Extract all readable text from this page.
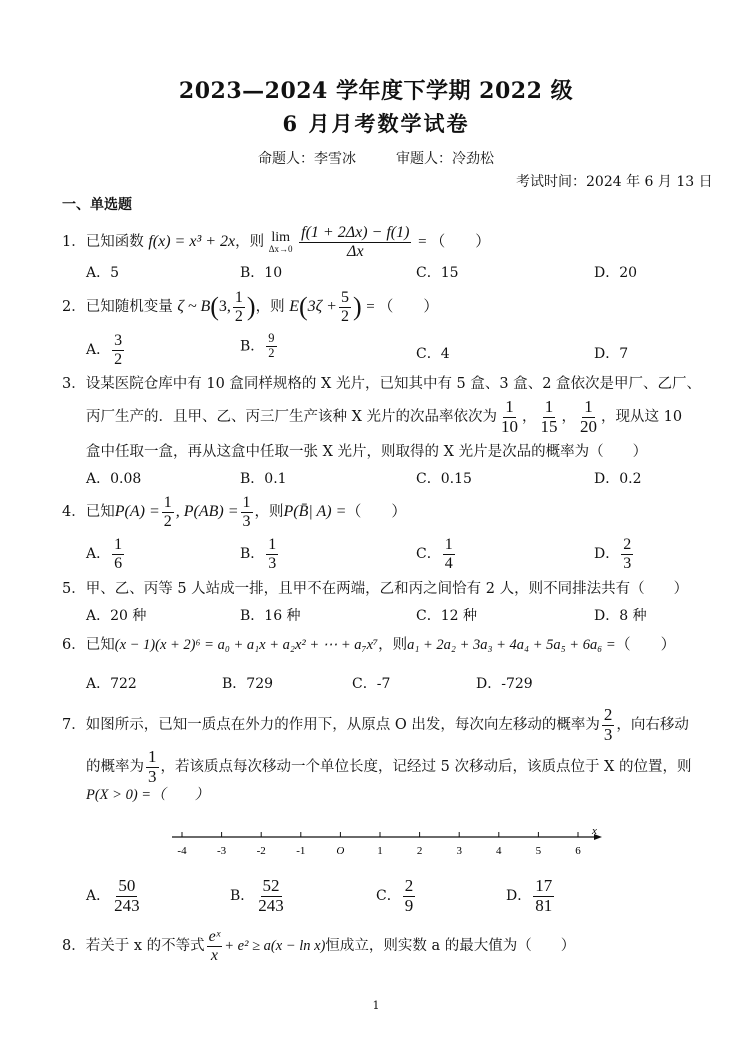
2023—2024 学年度下学期 2022 级
6 月月考数学试卷
命题人：李雪冰	审题人：冷劲松
考试时间：2024 年 6 月 13 日
一、单选题
1．已知函数 f(x) = x³ + 2x，则 lim
Δx→0
$\frac{f(1 + 2\Delta x) - f(1)}{\Delta x}$ = （　　）
A．5	B．10	C．15	D．20
2．已知随机变量 ζ ~ B(3, $\frac{1}{2}$ )，则 $E(3\zeta + \frac{5}{2}$ ) = （　　）
A． $\frac{3}{2}$	B． $\frac{9}{2}$	C．4	D．7
3．设某医院仓库中有 10 盒同样规格的 X 光片，已知其中有 5 盒、3 盒、2 盒依次是甲厂、乙厂、
丙厂生产的．且甲、乙、丙三厂生产该种 X 光片的次品率依次为 $\frac{1}{10}$ ， $\frac{1}{15}$ ， $\frac{1}{20}$ ，现从这 10
盒中任取一盒，再从这盒中任取一张 X 光片，则取得的 X 光片是次品的概率为（　　）
A．0.08	B．0.1	C．0.15	D．0.2
4．已知$P(A) = \frac{1}{2}$ , $P(AB) = \frac{1}{3}$ ，则P(B̄| A) =（　　）
A． $\frac{1}{6}$	B． $\frac{1}{3}$	C． $\frac{1}{4}$	D． $\frac{2}{3}$
5．甲、乙、丙等 5 人站成一排，且甲不在两端，乙和丙之间恰有 2 人，则不同排法共有（　　）
A．20 种	B．16 种	C．12 种	D．8 种
6．已知(x − 1)(x + 2)⁶ = a₀ + a₁x + a₂x² + ⋯ + a₇x⁷，则a₁ + 2a₂ + 3a₃ + 4a₄ + 5a₅ + 6a₆ =（　　）
A．722	B．729	C．-7	D．-729
7．如图所示，已知一质点在外力的作用下，从原点 O 出发，每次向左移动的概率为 $\frac{2}{3}$ ，向右移动
的概率为 $\frac{1}{3}$ ，若该质点每次移动一个单位长度，记经过 5 次移动后，该质点位于 X 的位置，则
P(X > 0) =（　　）
x
-4	-3	-2	-1	O	1	2	3	4	5	6
A． $\frac{50}{243}$	B． $\frac{52}{243}$	C． $\frac{2}{9}$	D． $\frac{17}{81}$
8．若关于 x 的不等式 $\frac{\text{eˣ}}{x} + e^2 \ge a(x - \ln x)$恒成立，则实数 a 的最大值为（　　）
1
